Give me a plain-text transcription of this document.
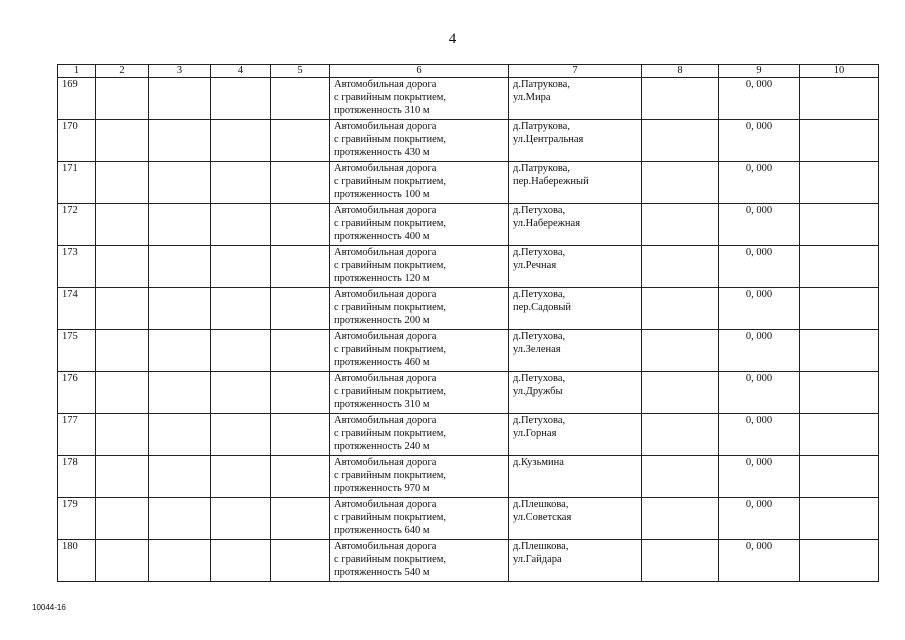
4
1	2	3	4	5	6	7	8	9	10
169					Автомобильная дорога
с гравийным покрытием,
протяженность 310 м	д.Патрукова,
ул.Мира		0, 000	
170					Автомобильная дорога
с гравийным покрытием,
протяженность 430 м	д.Патрукова,
ул.Центральная		0, 000	
171					Автомобильная дорога
с гравийным покрытием,
протяженность 100 м	д.Патрукова,
пер.Набережный		0, 000	
172					Автомобильная дорога
с гравийным покрытием,
протяженность 400 м	д.Петухова,
ул.Набережная		0, 000	
173					Автомобильная дорога
с гравийным покрытием,
протяженность 120 м	д.Петухова,
ул.Речная		0, 000	
174					Автомобильная дорога
с гравийным покрытием,
протяженность 200 м	д.Петухова,
пер.Садовый		0, 000	
175					Автомобильная дорога
с гравийным покрытием,
протяженность 460 м	д.Петухова,
ул.Зеленая		0, 000	
176					Автомобильная дорога
с гравийным покрытием,
протяженность 310 м	д.Петухова,
ул.Дружбы		0, 000	
177					Автомобильная дорога
с гравийным покрытием,
протяженность 240 м	д.Петухова,
ул.Горная		0, 000	
178					Автомобильная дорога
с гравийным покрытием,
протяженность 970 м	д.Кузьмина		0, 000	
179					Автомобильная дорога
с гравийным покрытием,
протяженность 640 м	д.Плешкова,
ул.Советская		0, 000	
180					Автомобильная дорога
с гравийным покрытием,
протяженность 540 м	д.Плешкова,
ул.Гайдара		0, 000	
10044-16
